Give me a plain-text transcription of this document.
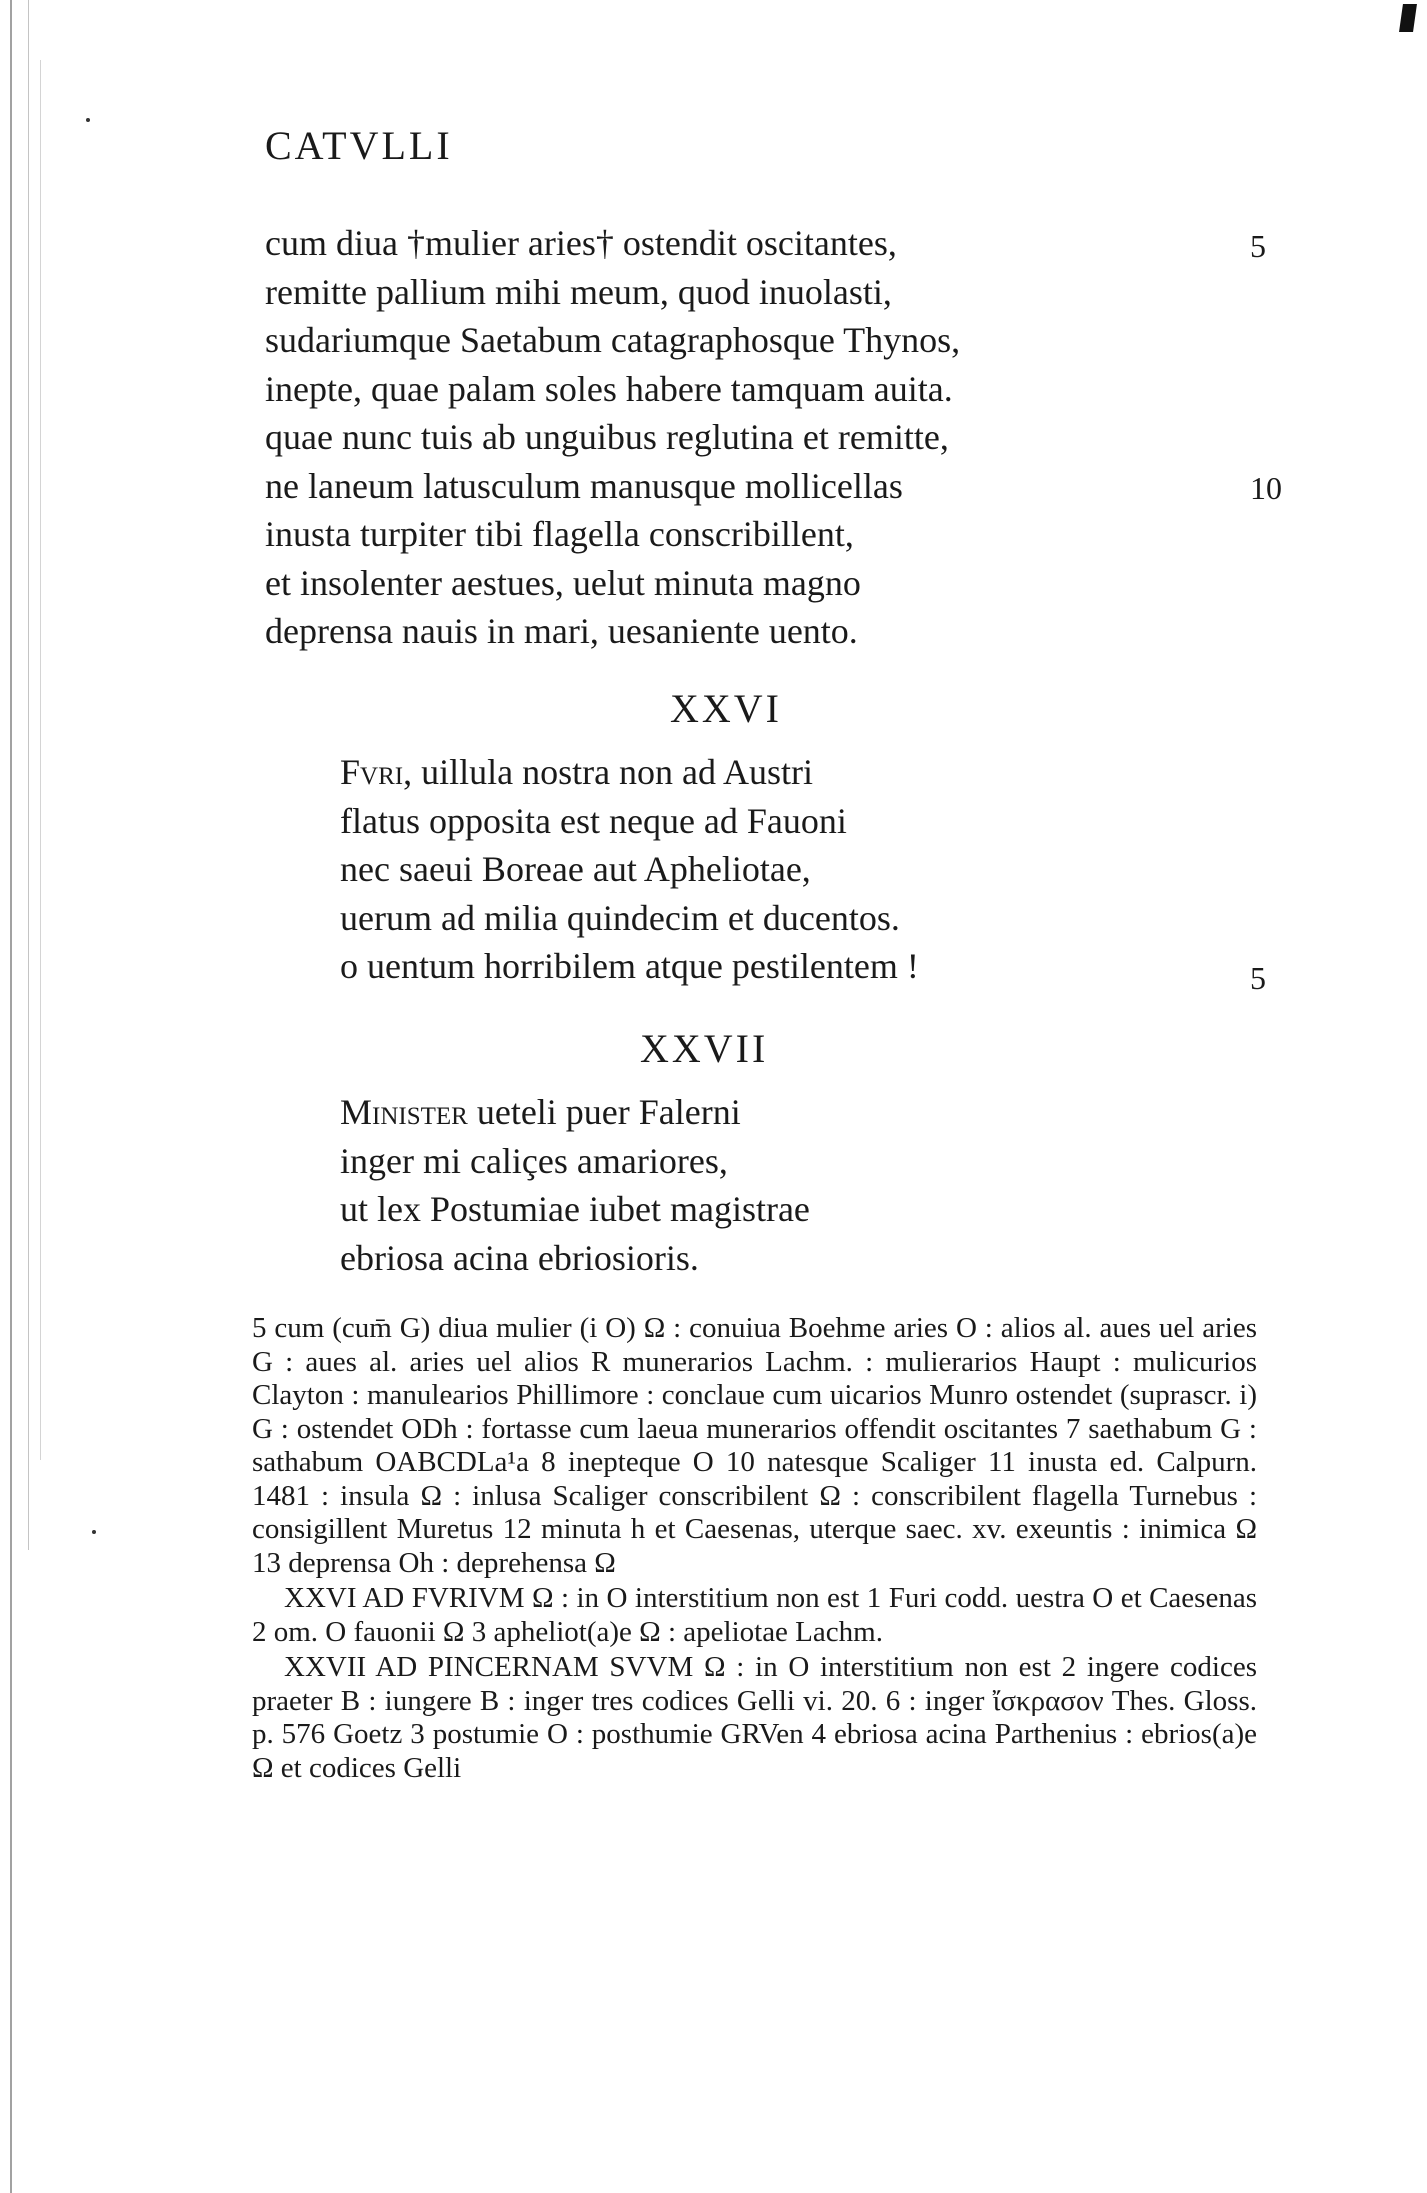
CATVLLI
cum diua †mulier aries† ostendit oscitantes,
remitte pallium mihi meum, quod inuolasti,
sudariumque Saetabum catagraphosque Thynos,
inepte, quae palam soles habere tamquam auita.
quae nunc tuis ab unguibus reglutina et remitte,
ne laneum latusculum manusque mollicellas
inusta turpiter tibi flagella conscribillent,
et insolenter aestues, uelut minuta magno
deprensa nauis in mari, uesaniente uento.
5
10
XXVI
Fvri, uillula nostra non ad Austri
flatus opposita est neque ad Fauoni
nec saeui Boreae aut Apheliotae,
uerum ad milia quindecim et ducentos.
o uentum horribilem atque pestilentem !	5
XXVII
Minister ueteli puer Falerni
inger mi caliçes amariores,
ut lex Postumiae iubet magistrae
ebriosa acina ebriosioris.

5 cum (cum̄ G) diua mulier (i O) Ω : conuiua Boehme aries O : alios al. aues uel aries G : aues al. aries uel alios R munerarios Lachm. : mulierarios Haupt : mulicurios Clayton : manulearios Phillimore : conclaue cum uicarios Munro ostendet (suprascr. i) G : ostendet ODh : fortasse cum laeua munerarios offendit oscitantes 7 saethabum G : sathabum OABCDLa¹a 8 inepteque O 10 natesque Scaliger 11 inusta ed. Calpurn. 1481 : insula Ω : inlusa Scaliger conscribilent Ω : conscribilent flagella Turnebus : consigillent Muretus 12 minuta h et Caesenas, uterque saec. xv. exeuntis : inimica Ω 13 deprensa Oh : deprehensa Ω

XXVI AD FVRIVM Ω : in O interstitium non est 1 Furi codd. uestra O et Caesenas 2 om. O fauonii Ω 3 apheliot(a)e Ω : apeliotae Lachm.

XXVII AD PINCERNAM SVVM Ω : in O interstitium non est 2 ingere codices praeter B : iungere B : inger tres codices Gelli vi. 20. 6 : inger ἴσκρασον Thes. Gloss. p. 576 Goetz 3 postumie O : posthumie GRVen 4 ebriosa acina Parthenius : ebrios(a)e Ω et codices Gelli
